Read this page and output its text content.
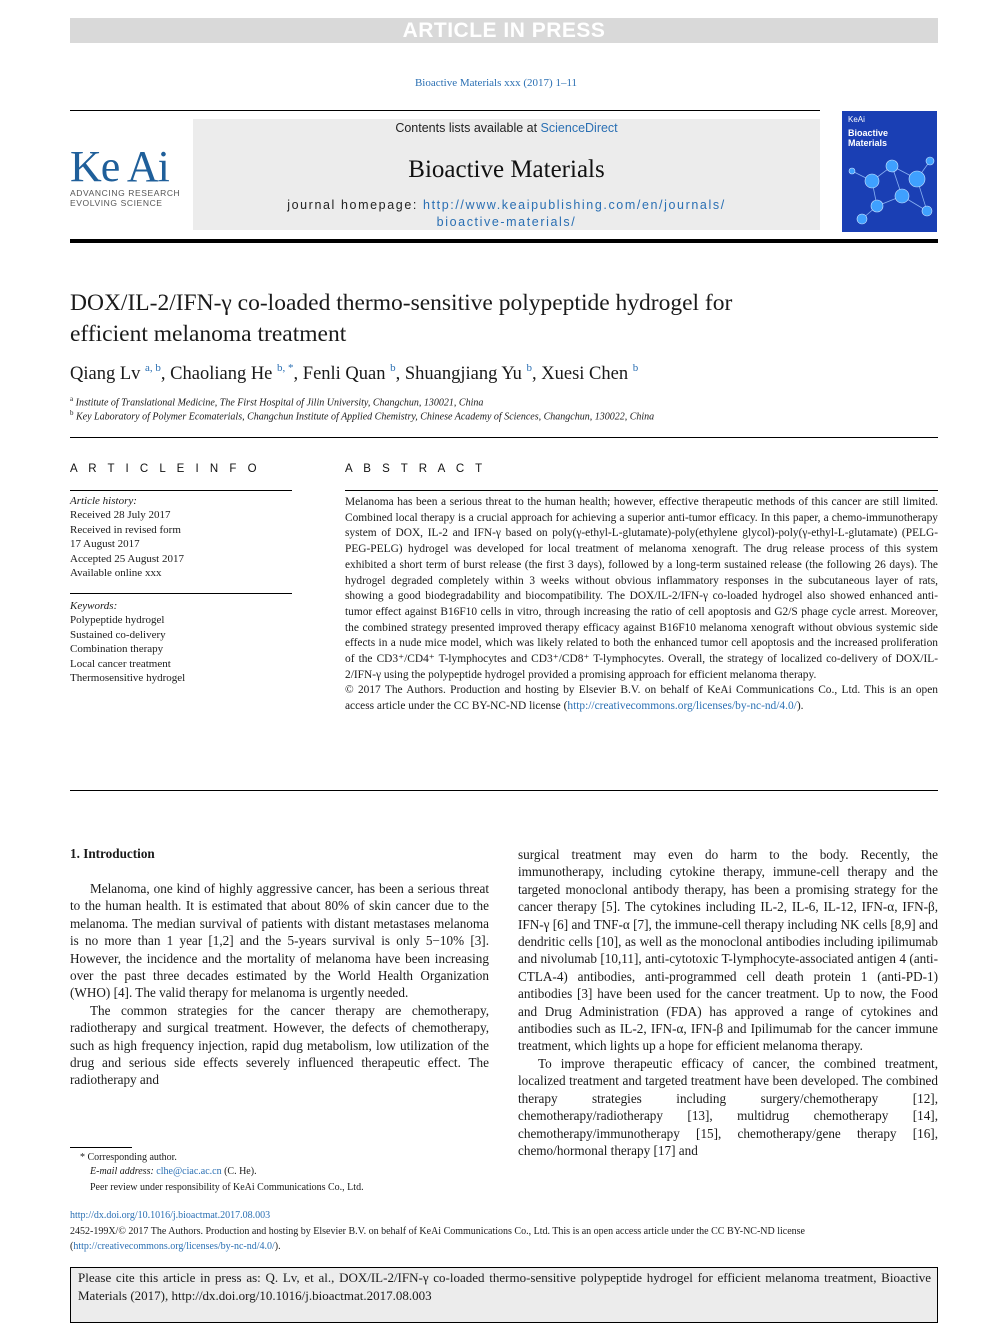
ARTICLE IN PRESS
Bioactive Materials xxx (2017) 1–11
Ke Ai
ADVANCING RESEARCH
EVOLVING SCIENCE
Contents lists available at ScienceDirect
Bioactive Materials
journal homepage: http://www.keaipublishing.com/en/journals/
bioactive-materials/
KeAi
Bioactive
Materials
DOX/IL-2/IFN-γ co-loaded thermo-sensitive polypeptide hydrogel for
efficient melanoma treatment
Qiang Lv $^{a, b}$, Chaoliang He $^{b, *}$, Fenli Quan $^b$, Shuangjiang Yu $^b$, Xuesi Chen $^b$
$^a$ Institute of Translational Medicine, The First Hospital of Jilin University, Changchun, 130021, China
$^b$ Key Laboratory of Polymer Ecomaterials, Changchun Institute of Applied Chemistry, Chinese Academy of Sciences, Changchun, 130022, China
A R T I C L E I N F O	A B S T R A C T
Article history:
Received 28 July 2017
Received in revised form
17 August 2017
Accepted 25 August 2017
Available online xxx
Keywords:
Polypeptide hydrogel
Sustained co-delivery
Combination therapy
Local cancer treatment
Thermosensitive hydrogel

Melanoma has been a serious threat to the human health; however, effective therapeutic methods of this cancer are still limited. Combined local therapy is a crucial approach for achieving a superior anti-tumor efficacy. In this paper, a chemo-immunotherapy system of DOX, IL-2 and IFN-γ based on poly(γ-ethyl-L-glutamate)-poly(ethylene glycol)-poly(γ-ethyl-L-glutamate) (PELG-PEG-PELG) hydrogel was developed for local treatment of melanoma xenograft. The drug release process of this system exhibited a short term of burst release (the first 3 days), followed by a long-term sustained release (the following 26 days). The hydrogel degraded completely within 3 weeks without obvious inflammatory responses in the subcutaneous layer of rats, showing a good biodegradability and biocompatibility. The DOX/IL-2/IFN-γ co-loaded hydrogel also showed enhanced anti-tumor effect against B16F10 cells in vitro, through increasing the ratio of cell apoptosis and G2/S phage cycle arrest. Moreover, the combined strategy presented improved therapy efficacy against B16F10 melanoma xenograft without obvious systemic side effects in a nude mice model, which was likely related to both the enhanced tumor cell apoptosis and the increased proliferation of the CD3⁺/CD4⁺ T-lymphocytes and CD3⁺/CD8⁺ T-lymphocytes. Overall, the strategy of localized co-delivery of DOX/IL-2/IFN-γ using the polypeptide hydrogel provided a promising approach for efficient melanoma therapy.

© 2017 The Authors. Production and hosting by Elsevier B.V. on behalf of KeAi Communications Co., Ltd. This is an open access article under the CC BY-NC-ND license (http://creativecommons.org/licenses/by-nc-nd/4.0/).

1. Introduction

Melanoma, one kind of highly aggressive cancer, has been a serious threat to the human health. It is estimated that about 80% of skin cancer due to the melanoma. The median survival of patients with distant metastases melanoma is no more than 1 year [1,2] and the 5-years survival is only 5−10% [3]. However, the incidence and the mortality of melanoma have been increasing over the past three decades estimated by the World Health Organization (WHO) [4]. The valid therapy for melanoma is urgently needed.

The common strategies for the cancer therapy are chemotherapy, radiotherapy and surgical treatment. However, the defects of chemotherapy, such as high frequency injection, rapid dug metabolism, low utilization of the drug and serious side effects severely influenced therapeutic effect. The radiotherapy and

surgical treatment may even do harm to the body. Recently, the immunotherapy, including cytokine therapy, immune-cell therapy and the targeted monoclonal antibody therapy, has been a promising strategy for the cancer therapy [5]. The cytokines including IL-2, IL-6, IL-12, IFN-α, IFN-β, IFN-γ [6] and TNF-α [7], the immune-cell therapy including NK cells [8,9] and dendritic cells [10], as well as the monoclonal antibodies including ipilimumab and nivolumab [10,11], anti-cytotoxic T-lymphocyte-associated antigen 4 (anti-CTLA-4) antibodies, anti-programmed cell death protein 1 (anti-PD-1) antibodies [3] have been used for the cancer treatment. Up to now, the Food and Drug Administration (FDA) has approved a range of cytokines and antibodies such as IL-2, IFN-α, IFN-β and Ipilimumab for the cancer immune treatment, which lights up a hope for efficient melanoma therapy.

To improve therapeutic efficacy of cancer, the combined treatment, localized treatment and targeted treatment have been developed. The combined therapy strategies including surgery/chemotherapy [12], chemotherapy/radiotherapy [13], multidrug chemotherapy [14], chemotherapy/immunotherapy [15], chemotherapy/gene therapy [16], chemo/hormonal therapy [17] and

* Corresponding author.
E-mail address: clhe@ciac.ac.cn (C. He).
Peer review under responsibility of KeAi Communications Co., Ltd.
http://dx.doi.org/10.1016/j.bioactmat.2017.08.003
2452-199X/© 2017 The Authors. Production and hosting by Elsevier B.V. on behalf of KeAi Communications Co., Ltd. This is an open access article under the CC BY-NC-ND license (http://creativecommons.org/licenses/by-nc-nd/4.0/).
Please cite this article in press as: Q. Lv, et al., DOX/IL-2/IFN-γ co-loaded thermo-sensitive polypeptide hydrogel for efficient melanoma treatment, Bioactive Materials (2017), http://dx.doi.org/10.1016/j.bioactmat.2017.08.003
